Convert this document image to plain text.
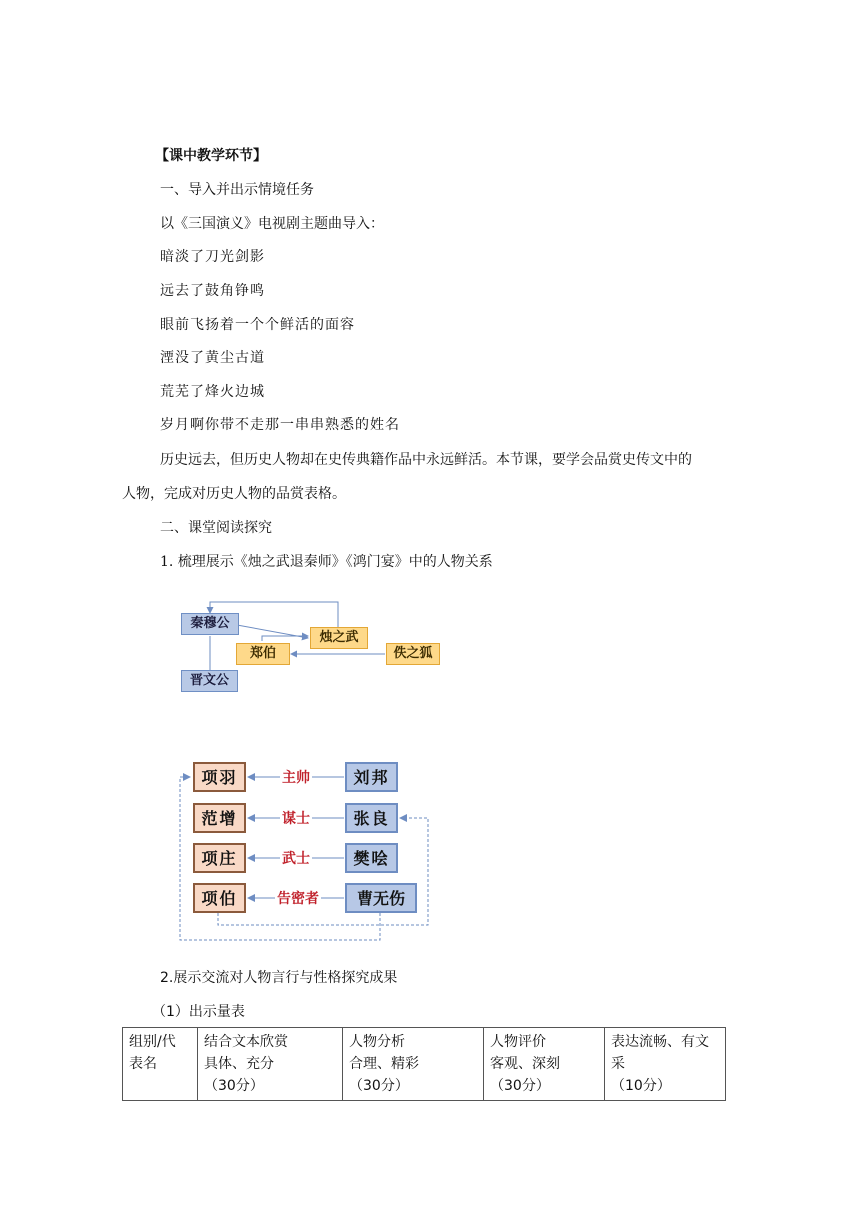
【课中教学环节】
一、导入并出示情境任务
以《三国演义》电视剧主题曲导入：
暗淡了刀光剑影
远去了鼓角铮鸣
眼前飞扬着一个个鲜活的面容
湮没了黄尘古道
荒芜了烽火边城
岁月啊你带不走那一串串熟悉的姓名
历史远去，但历史人物却在史传典籍作品中永远鲜活。本节课，要学会品赏史传文中的
人物，完成对历史人物的品赏表格。
二、课堂阅读探究
1. 梳理展示《烛之武退秦师》《鸿门宴》中的人物关系
秦穆公
烛之武
郑伯	佚之狐
晋文公
项羽
范增
项庄
项伯
刘邦
张良
樊哙
曹无伤
主帅
谋士
武士
告密者
2.展示交流对人物言行与性格探究成果
（1）出示量表
组别/代
表名

结合文本欣赏
具体、充分
（30分）

人物分析
合理、精彩
（30分）

人物评价
客观、深刻
（30分）

表达流畅、有文
采
（10分）
